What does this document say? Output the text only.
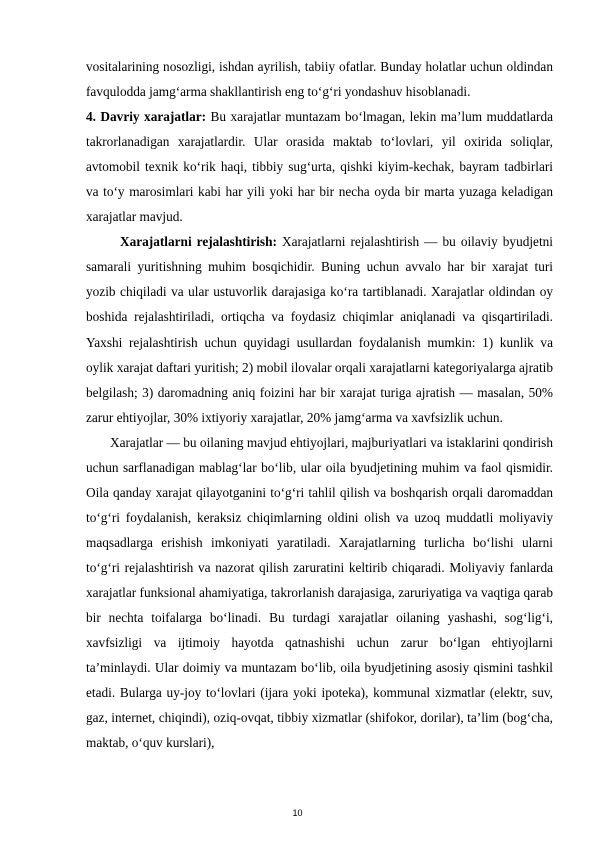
vositalarining nosozligi, ishdan ayrilish, tabiiy ofatlar. Bunday holatlar uchun oldindan favqulodda jamg‘arma shakllantirish eng to‘g‘ri yondashuv hisoblanadi.

4. Davriy xarajatlar: Bu xarajatlar muntazam bo‘lmagan, lekin ma’lum muddatlarda takrorlanadigan xarajatlardir. Ular orasida maktab to‘lovlari, yil oxirida soliqlar, avtomobil texnik ko‘rik haqi, tibbiy sug‘urta, qishki kiyim-kechak, bayram tadbirlari va to‘y marosimlari kabi har yili yoki har bir necha oyda bir marta yuzaga keladigan xarajatlar mavjud.

Xarajatlarni rejalashtirish: Xarajatlarni rejalashtirish — bu oilaviy byudjetni samarali yuritishning muhim bosqichidir. Buning uchun avvalo har bir xarajat turi yozib chiqiladi va ular ustuvorlik darajasiga ko‘ra tartiblanadi. Xarajatlar oldindan oy boshida rejalashtiriladi, ortiqcha va foydasiz chiqimlar aniqlanadi va qisqartiriladi. Yaxshi rejalashtirish uchun quyidagi usullardan foydalanish mumkin: 1) kunlik va oylik xarajat daftari yuritish; 2) mobil ilovalar orqali xarajatlarni kategoriyalarga ajratib belgilash; 3) daromadning aniq foizini har bir xarajat turiga ajratish — masalan, 50% zarur ehtiyojlar, 30% ixtiyoriy xarajatlar, 20% jamg‘arma va xavfsizlik uchun.

Xarajatlar — bu oilaning mavjud ehtiyojlari, majburiyatlari va istaklarini qondirish uchun sarflanadigan mablag‘lar bo‘lib, ular oila byudjetining muhim va faol qismidir. Oila qanday xarajat qilayotganini to‘g‘ri tahlil qilish va boshqarish orqali daromaddan to‘g‘ri foydalanish, keraksiz chiqimlarning oldini olish va uzoq muddatli moliyaviy maqsadlarga erishish imkoniyati yaratiladi. Xarajatlarning turlicha bo‘lishi ularni to‘g‘ri rejalashtirish va nazorat qilish zaruratini keltirib chiqaradi. Moliyaviy fanlarda xarajatlar funksional ahamiyatiga, takrorlanish darajasiga, zaruriyatiga va vaqtiga qarab bir nechta toifalarga bo‘linadi. Bu turdagi xarajatlar oilaning yashashi, sog‘lig‘i, xavfsizligi va ijtimoiy hayotda qatnashishi uchun zarur bo‘lgan ehtiyojlarni ta’minlaydi. Ular doimiy va muntazam bo‘lib, oila byudjetining asosiy qismini tashkil etadi. Bularga uy-joy to‘lovlari (ijara yoki ipoteka), kommunal xizmatlar (elektr, suv, gaz, internet, chiqindi), oziq-ovqat, tibbiy xizmatlar (shifokor, dorilar), ta’lim (bog‘cha, maktab, o‘quv kurslari),

10
